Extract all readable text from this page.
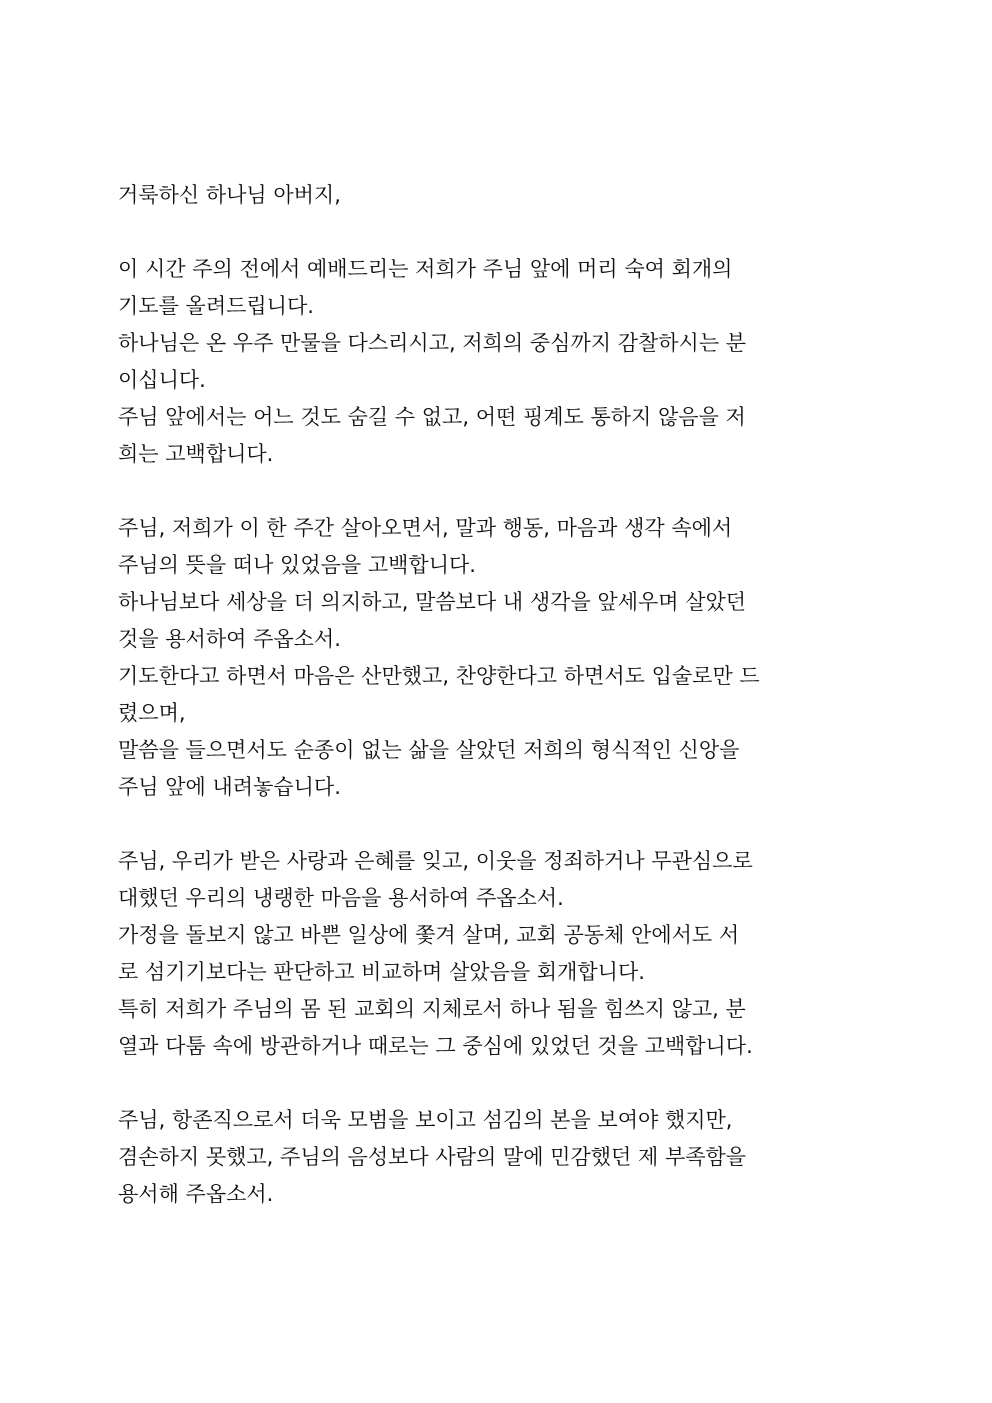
거룩하신 하나님 아버지,

이 시간 주의 전에서 예배드리는 저희가 주님 앞에 머리 숙여 회개의
기도를 올려드립니다.
하나님은 온 우주 만물을 다스리시고, 저희의 중심까지 감찰하시는 분
이십니다.
주님 앞에서는 어느 것도 숨길 수 없고, 어떤 핑계도 통하지 않음을 저
희는 고백합니다.

주님, 저희가 이 한 주간 살아오면서, 말과 행동, 마음과 생각 속에서
주님의 뜻을 떠나 있었음을 고백합니다.
하나님보다 세상을 더 의지하고, 말씀보다 내 생각을 앞세우며 살았던
것을 용서하여 주옵소서.
기도한다고 하면서 마음은 산만했고, 찬양한다고 하면서도 입술로만 드
렸으며,
말씀을 들으면서도 순종이 없는 삶을 살았던 저희의 형식적인 신앙을
주님 앞에 내려놓습니다.

주님, 우리가 받은 사랑과 은혜를 잊고, 이웃을 정죄하거나 무관심으로
대했던 우리의 냉랭한 마음을 용서하여 주옵소서.
가정을 돌보지 않고 바쁜 일상에 쫓겨 살며, 교회 공동체 안에서도 서
로 섬기기보다는 판단하고 비교하며 살았음을 회개합니다.
특히 저희가 주님의 몸 된 교회의 지체로서 하나 됨을 힘쓰지 않고, 분
열과 다툼 속에 방관하거나 때로는 그 중심에 있었던 것을 고백합니다.

주님, 항존직으로서 더욱 모범을 보이고 섬김의 본을 보여야 했지만,
겸손하지 못했고, 주님의 음성보다 사람의 말에 민감했던 제 부족함을
용서해 주옵소서.
